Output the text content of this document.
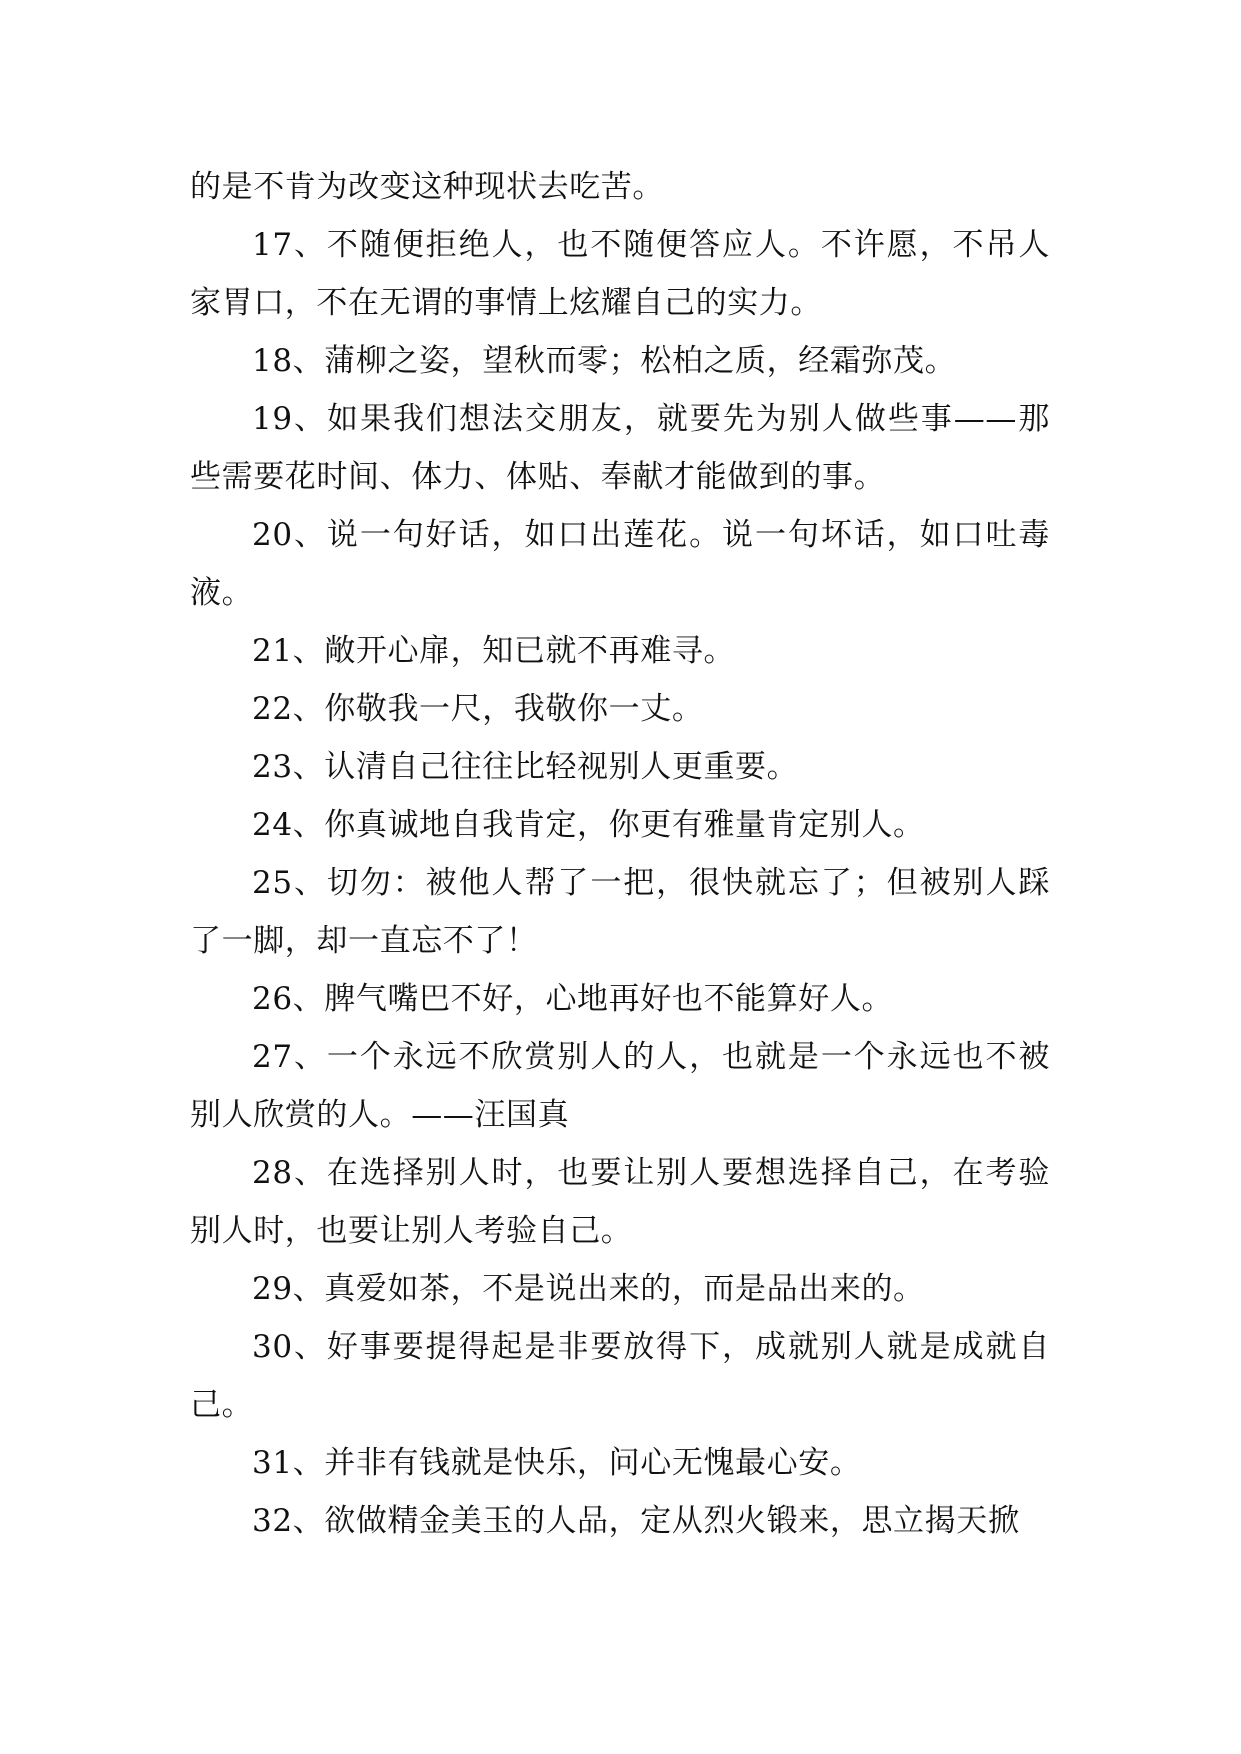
的是不肯为改变这种现状去吃苦。

17、不随便拒绝人，也不随便答应人。不许愿，不吊人家胃口，不在无谓的事情上炫耀自己的实力。

18、蒲柳之姿，望秋而零；松柏之质，经霜弥茂。

19、如果我们想法交朋友，就要先为别人做些事——那些需要花时间、体力、体贴、奉献才能做到的事。

20、说一句好话，如口出莲花。说一句坏话，如口吐毒液。

21、敞开心扉，知已就不再难寻。

22、你敬我一尺，我敬你一丈。

23、认清自己往往比轻视别人更重要。

24、你真诚地自我肯定，你更有雅量肯定别人。

25、切勿：被他人帮了一把，很快就忘了；但被别人踩了一脚，却一直忘不了！

26、脾气嘴巴不好，心地再好也不能算好人。

27、一个永远不欣赏别人的人，也就是一个永远也不被别人欣赏的人。——汪国真

28、在选择别人时，也要让别人要想选择自己，在考验别人时，也要让别人考验自己。

29、真爱如茶，不是说出来的，而是品出来的。

30、好事要提得起是非要放得下，成就别人就是成就自己。

31、并非有钱就是快乐，问心无愧最心安。

32、欲做精金美玉的人品，定从烈火锻来，思立揭天掀
